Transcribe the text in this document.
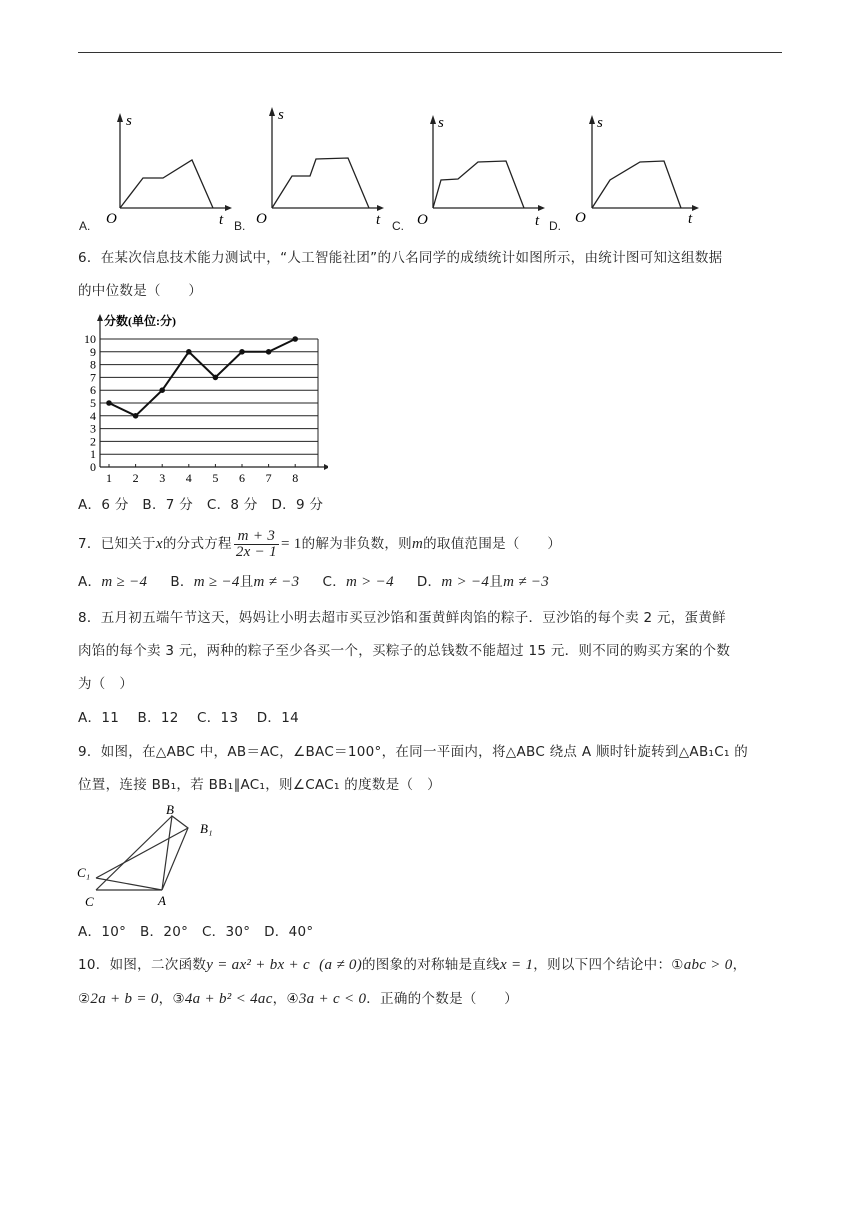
s
t
O
s
t
O
s
t
O
s
t
O
A.	B.	C.	D.
6．在某次信息技术能力测试中，“人工智能社团”的八名同学的成绩统计如图所示，由统计图可知这组数据
的中位数是（　　）
分数(单位:分)
0
1
2
3
4
5
6
7
8
9
10
1 2 3 4 5 6 7 8
A．6 分　B．7 分　C．8 分　D．9 分
7．已知关于x的分式方程 $\frac{m + 3}{2x - 1} = 1$的解为非负数，则m的取值范围是（　　）
A．m ≥ −4 B．m ≥ −4且m ≠ −3 C．m > −4 D．m > −4且m ≠ −3
8．五月初五端午节这天，妈妈让小明去超市买豆沙馅和蛋黄鲜肉馅的粽子．豆沙馅的每个卖 2 元，蛋黄鲜
肉馅的每个卖 3 元，两种的粽子至少各买一个，买粽子的总钱数不能超过 15 元．则不同的购买方案的个数
为（　）
A．11　 B．12　 C．13　 D．14
9．如图，在△ABC 中，AB＝AC，∠BAC＝100°，在同一平面内，将△ABC 绕点 A 顺时针旋转到△AB₁C₁ 的
位置，连接 BB₁，若 BB₁∥AC₁，则∠CAC₁ 的度数是（　）
B
B₁
C₁
C	A
A．10°　B．20°　C．30°　D．40°
10．如图，二次函数y = ax² + bx + c (a ≠ 0)的图象的对称轴是直线x = 1，则以下四个结论中：①abc > 0，
②2a + b = 0，③4a + b² < 4ac，④3a + c < 0．正确的个数是（　　）
